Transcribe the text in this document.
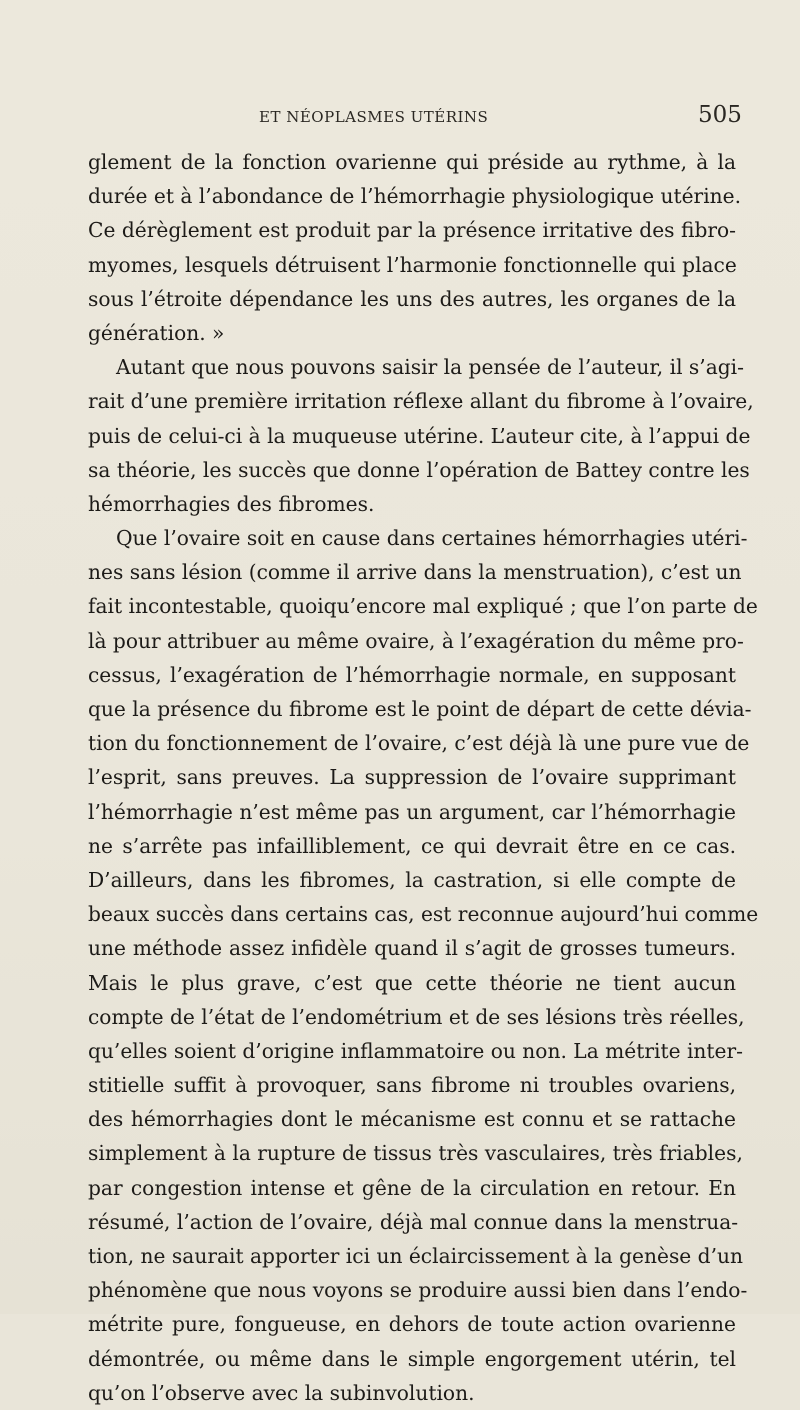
ET NÉOPLASMES UTÉRINS	505
glement de la fonction ovarienne qui préside au rythme, à la
durée et à l’abondance de l’hémorrhagie physiologique utérine.
Ce dérèglement est produit par la présence irritative des fibro-
myomes, lesquels détruisent l’harmonie fonctionnelle qui place
sous l’étroite dépendance les uns des autres, les organes de la
génération. »
Autant que nous pouvons saisir la pensée de l’auteur, il s’agi-
rait d’une première irritation réflexe allant du fibrome à l’ovaire,
puis de celui-ci à la muqueuse utérine. L’auteur cite, à l’appui de
sa théorie, les succès que donne l’opération de Battey contre les
hémorrhagies des fibromes.
Que l’ovaire soit en cause dans certaines hémorrhagies utéri-
nes sans lésion (comme il arrive dans la menstruation), c’est un
fait incontestable, quoiqu’encore mal expliqué ; que l’on parte de
là pour attribuer au même ovaire, à l’exagération du même pro-
cessus, l’exagération de l’hémorrhagie normale, en supposant
que la présence du fibrome est le point de départ de cette dévia-
tion du fonctionnement de l’ovaire, c’est déjà là une pure vue de
l’esprit, sans preuves. La suppression de l’ovaire supprimant
l’hémorrhagie n’est même pas un argument, car l’hémorrhagie
ne s’arrête pas infailliblement, ce qui devrait être en ce cas.
D’ailleurs, dans les fibromes, la castration, si elle compte de
beaux succès dans certains cas, est reconnue aujourd’hui comme
une méthode assez infidèle quand il s’agit de grosses tumeurs.
Mais le plus grave, c’est que cette théorie ne tient aucun
compte de l’état de l’endométrium et de ses lésions très réelles,
qu’elles soient d’origine inflammatoire ou non. La métrite inter-
stitielle suffit à provoquer, sans fibrome ni troubles ovariens,
des hémorrhagies dont le mécanisme est connu et se rattache
simplement à la rupture de tissus très vasculaires, très friables,
par congestion intense et gêne de la circulation en retour. En
résumé, l’action de l’ovaire, déjà mal connue dans la menstrua-
tion, ne saurait apporter ici un éclaircissement à la genèse d’un
phénomène que nous voyons se produire aussi bien dans l’endo-
métrite pure, fongueuse, en dehors de toute action ovarienne
démontrée, ou même dans le simple engorgement utérin, tel
qu’on l’observe avec la subinvolution.
